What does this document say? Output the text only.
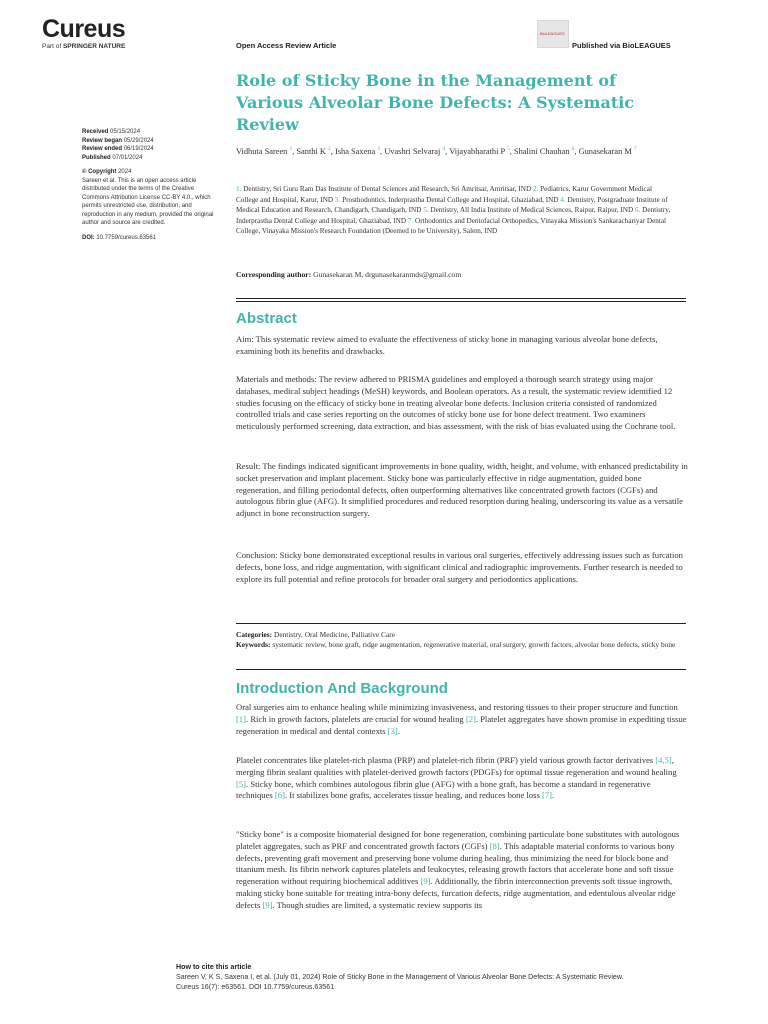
Cureus
Part of SPRINGER NATURE	Open Access Review Article
BioLEAGUES
Published via BioLEAGUES
Received 05/15/2024
Review began 05/29/2024
Review ended 06/19/2024
Published 07/01/2024
© Copyright 2024
Sareen et al. This is an open access article distributed under the terms of the Creative Commons Attribution License CC-BY 4.0., which permits unrestricted use, distribution, and reproduction in any medium, provided the original author and source are credited.
DOI: 10.7759/cureus.63561
Role of Sticky Bone in the Management of Various Alveolar Bone Defects: A Systematic Review
Vidhuta Sareen $^1$, Santhi K $^2$, Isha Saxena $^3$, Uvashri Selvaraj $^4$, Vijayabharathi P $^5$, Shalini Chauhan $^6$, Gunasekaran M $^7$
1. Dentistry, Sri Guru Ram Das Institute of Dental Sciences and Research, Sri Amritsar, Amritsar, IND 2. Pediatrics, Karur Government Medical College and Hospital, Karur, IND 3. Prosthodontics, Inderprastha Dental College and Hospital, Ghaziabad, IND 4. Dentistry, Postgraduate Institute of Medical Education and Research, Chandigarh, Chandigarh, IND 5. Dentistry, All India Institute of Medical Sciences, Raipur, Raipur, IND 6. Dentistry, Inderprastha Dental College and Hospital, Ghaziabad, IND 7. Orthodontics and Dentofacial Orthopedics, Vinayaka Mission's Sankarachariyar Dental College, Vinayaka Mission's Research Foundation (Deemed to be University), Salem, IND
Corresponding author: Gunasekaran M, drgunasekaranmds@gmail.com
Abstract
Aim: This systematic review aimed to evaluate the effectiveness of sticky bone in managing various alveolar bone defects, examining both its benefits and drawbacks.
Materials and methods: The review adhered to PRISMA guidelines and employed a thorough search strategy using major databases, medical subject headings (MeSH) keywords, and Boolean operators. As a result, the systematic review identified 12 studies focusing on the efficacy of sticky bone in treating alveolar bone defects. Inclusion criteria consisted of randomized controlled trials and case series reporting on the outcomes of sticky bone use for bone defect treatment. Two examiners meticulously performed screening, data extraction, and bias assessment, with the risk of bias evaluated using the Cochrane tool.
Result: The findings indicated significant improvements in bone quality, width, height, and volume, with enhanced predictability in socket preservation and implant placement. Sticky bone was particularly effective in ridge augmentation, guided bone regeneration, and filling periodontal defects, often outperforming alternatives like concentrated growth factors (CGFs) and autologous fibrin glue (AFG). It simplified procedures and reduced resorption during healing, underscoring its value as a versatile adjunct in bone reconstruction surgery.
Conclusion: Sticky bone demonstrated exceptional results in various oral surgeries, effectively addressing issues such as furcation defects, bone loss, and ridge augmentation, with significant clinical and radiographic improvements. Further research is needed to explore its full potential and refine protocols for broader oral surgery and periodontics applications.
Categories: Dentistry, Oral Medicine, Palliative Care
Keywords: systematic review, bone graft, ridge augmentation, regenerative material, oral surgery, growth factors, alveolar bone defects, sticky bone
Introduction And Background
Oral surgeries aim to enhance healing while minimizing invasiveness, and restoring tissues to their proper structure and function [1]. Rich in growth factors, platelets are crucial for wound healing [2]. Platelet aggregates have shown promise in expediting tissue regeneration in medical and dental contexts [3].
Platelet concentrates like platelet-rich plasma (PRP) and platelet-rich fibrin (PRF) yield various growth factor derivatives [4,5], merging fibrin sealant qualities with platelet-derived growth factors (PDGFs) for optimal tissue regeneration and wound healing [5]. Sticky bone, which combines autologous fibrin glue (AFG) with a bone graft, has become a standard in regenerative techniques [6]. It stabilizes bone grafts, accelerates tissue healing, and reduces bone loss [7].
"Sticky bone" is a composite biomaterial designed for bone regeneration, combining particulate bone substitutes with autologous platelet aggregates, such as PRF and concentrated growth factors (CGFs) [8]. This adaptable material conforms to various bony defects, preventing graft movement and preserving bone volume during healing, thus minimizing the need for block bone and titanium mesh. Its fibrin network captures platelets and leukocytes, releasing growth factors that accelerate bone and soft tissue regeneration without requiring biochemical additives [9]. Additionally, the fibrin interconnection prevents soft tissue ingrowth, making sticky bone suitable for treating intra-bony defects, furcation defects, ridge augmentation, and edentulous alveolar ridge defects [9]. Though studies are limited, a systematic review supports its
How to cite this article
Sareen V, K S, Saxena I, et al. (July 01, 2024) Role of Sticky Bone in the Management of Various Alveolar Bone Defects: A Systematic Review.
Cureus 16(7): e63561. DOI 10.7759/cureus.63561
